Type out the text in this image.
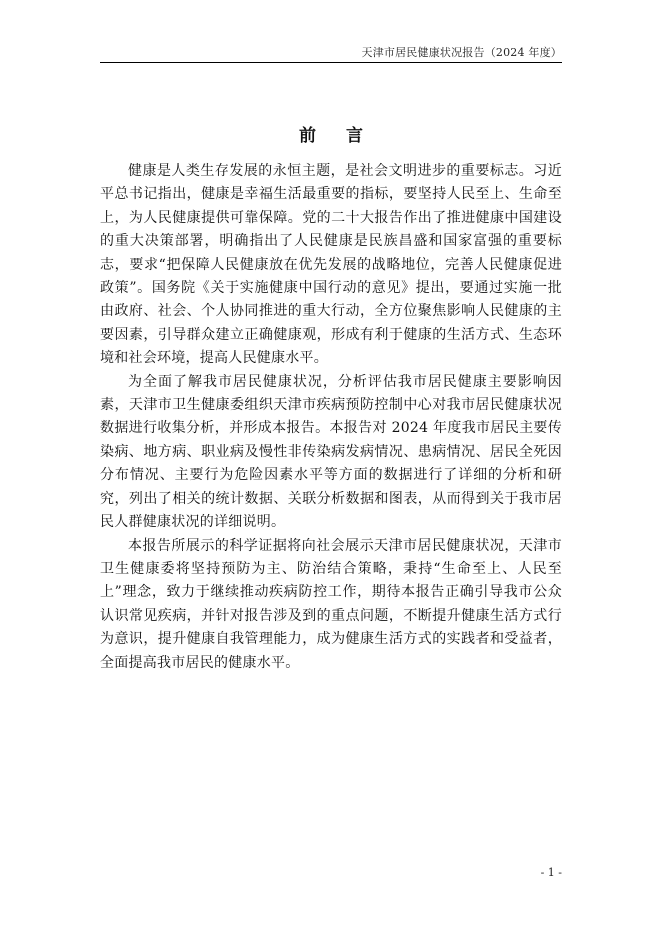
天津市居民健康状况报告（2024 年度）
前 言

健康是人类生存发展的永恒主题，是社会文明进步的重要标志。习近平总书记指出，健康是幸福生活最重要的指标，要坚持人民至上、生命至上，为人民健康提供可靠保障。党的二十大报告作出了推进健康中国建设的重大决策部署，明确指出了人民健康是民族昌盛和国家富强的重要标志，要求“把保障人民健康放在优先发展的战略地位，完善人民健康促进政策”。国务院《关于实施健康中国行动的意见》提出，要通过实施一批由政府、社会、个人协同推进的重大行动，全方位聚焦影响人民健康的主要因素，引导群众建立正确健康观，形成有利于健康的生活方式、生态环境和社会环境，提高人民健康水平。

为全面了解我市居民健康状况，分析评估我市居民健康主要影响因素，天津市卫生健康委组织天津市疾病预防控制中心对我市居民健康状况数据进行收集分析，并形成本报告。本报告对 2024 年度我市居民主要传染病、地方病、职业病及慢性非传染病发病情况、患病情况、居民全死因分布情况、主要行为危险因素水平等方面的数据进行了详细的分析和研究，列出了相关的统计数据、关联分析数据和图表，从而得到关于我市居民人群健康状况的详细说明。

本报告所展示的科学证据将向社会展示天津市居民健康状况，天津市卫生健康委将坚持预防为主、防治结合策略，秉持“生命至上、人民至上”理念，致力于继续推动疾病防控工作，期待本报告正确引导我市公众认识常见疾病，并针对报告涉及到的重点问题，不断提升健康生活方式行为意识，提升健康自我管理能力，成为健康生活方式的实践者和受益者，全面提高我市居民的健康水平。

- 1 -
